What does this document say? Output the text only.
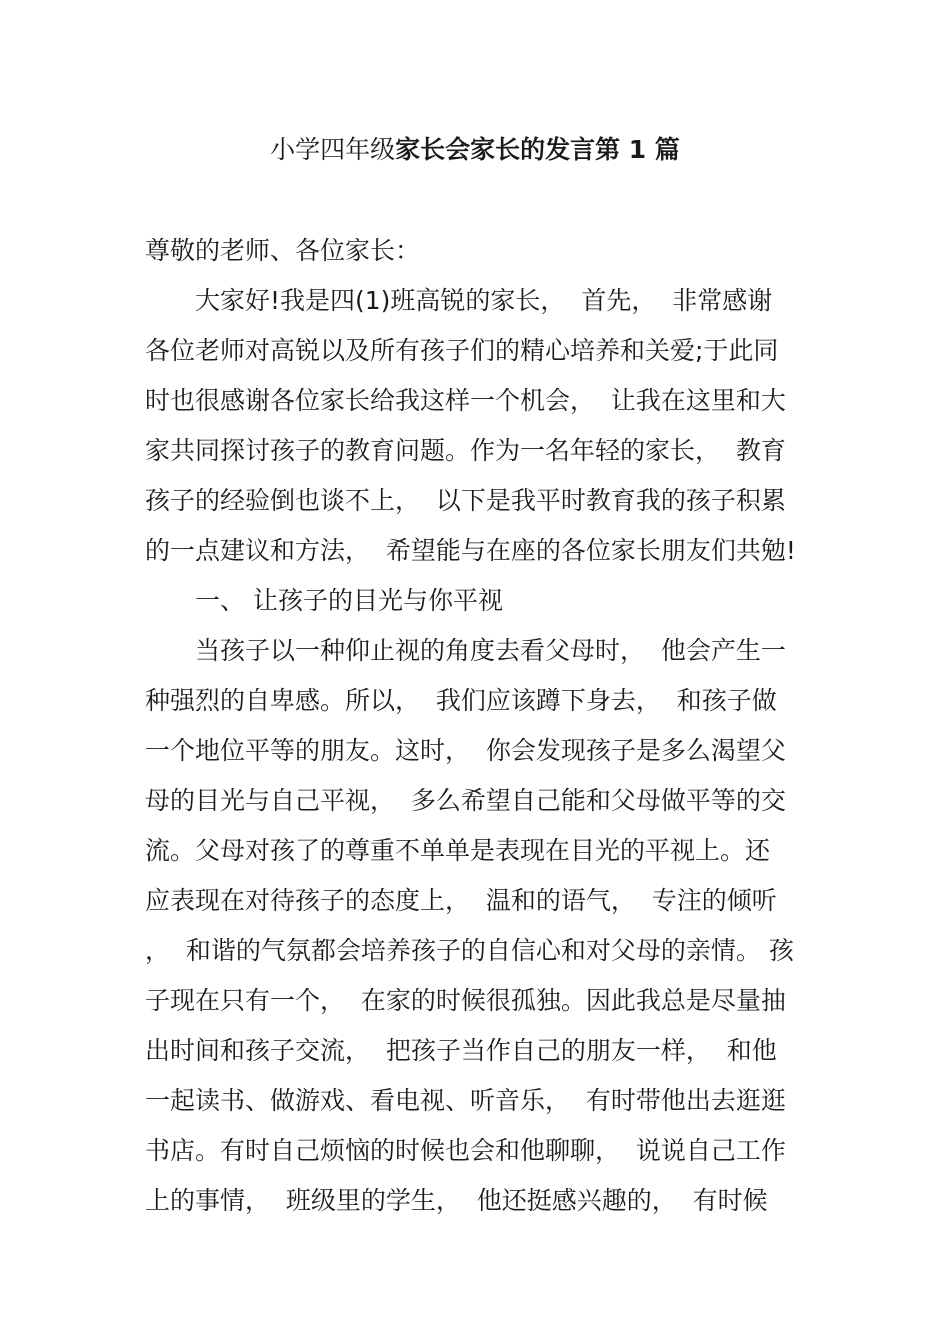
小学四年级家长会家长的发言第 1 篇
尊敬的老师、各位家长：
大家好!我是四(1)班高锐的家长，  首先，  非常感谢
各位老师对高锐以及所有孩子们的精心培养和关爱;于此同
时也很感谢各位家长给我这样一个机会，  让我在这里和大
家共同探讨孩子的教育问题。作为一名年轻的家长，  教育
孩子的经验倒也谈不上，  以下是我平时教育我的孩子积累
的一点建议和方法，  希望能与在座的各位家长朋友们共勉!
一、 让孩子的目光与你平视
当孩子以一种仰止视的角度去看父母时，  他会产生一
种强烈的自卑感。所以，  我们应该蹲下身去，  和孩子做
一个地位平等的朋友。这时，  你会发现孩子是多么渴望父
母的目光与自己平视，  多么希望自己能和父母做平等的交
流。父母对孩了的尊重不单单是表现在目光的平视上。还
应表现在对待孩子的态度上，  温和的语气，  专注的倾听
，  和谐的气氛都会培养孩子的自信心和对父母的亲情。 孩
子现在只有一个，  在家的时候很孤独。因此我总是尽量抽
出时间和孩子交流，  把孩子当作自己的朋友一样，  和他
一起读书、做游戏、看电视、听音乐，  有时带他出去逛逛
书店。有时自己烦恼的时候也会和他聊聊，  说说自己工作
上的事情，  班级里的学生，  他还挺感兴趣的，  有时候
